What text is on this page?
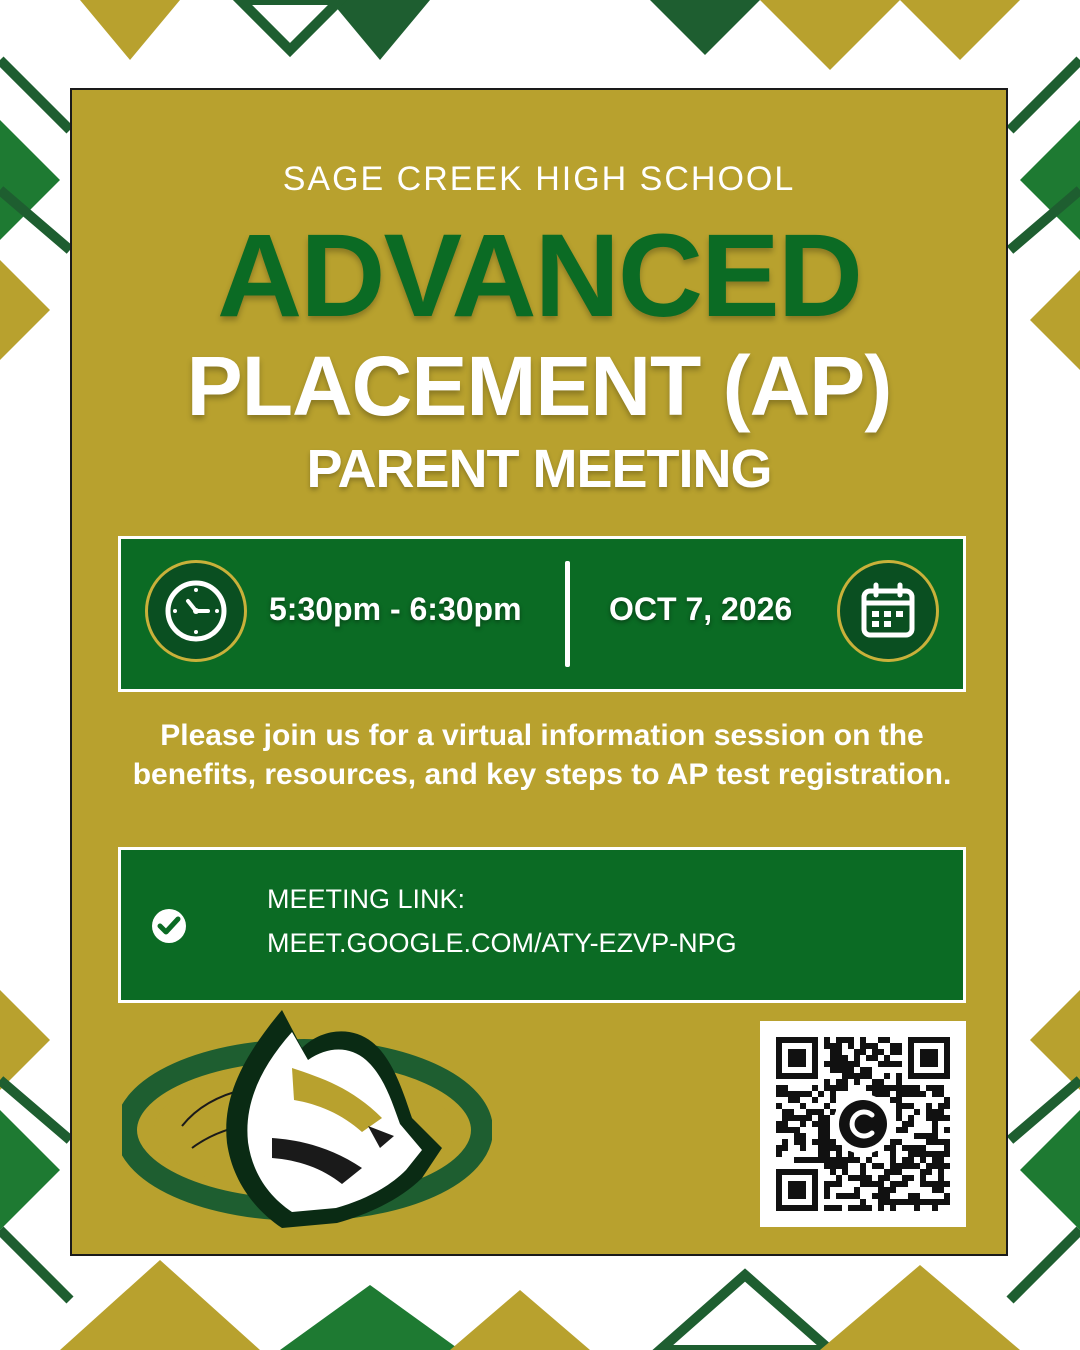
SAGE CREEK HIGH SCHOOL
ADVANCED
PLACEMENT (AP)
PARENT MEETING
5:30pm - 6:30pm	OCT 7, 2026
Please join us for a virtual information session on the benefits, resources, and key steps to AP test registration.
MEETING LINK:
MEET.GOOGLE.COM/ATY-EZVP-NPG
